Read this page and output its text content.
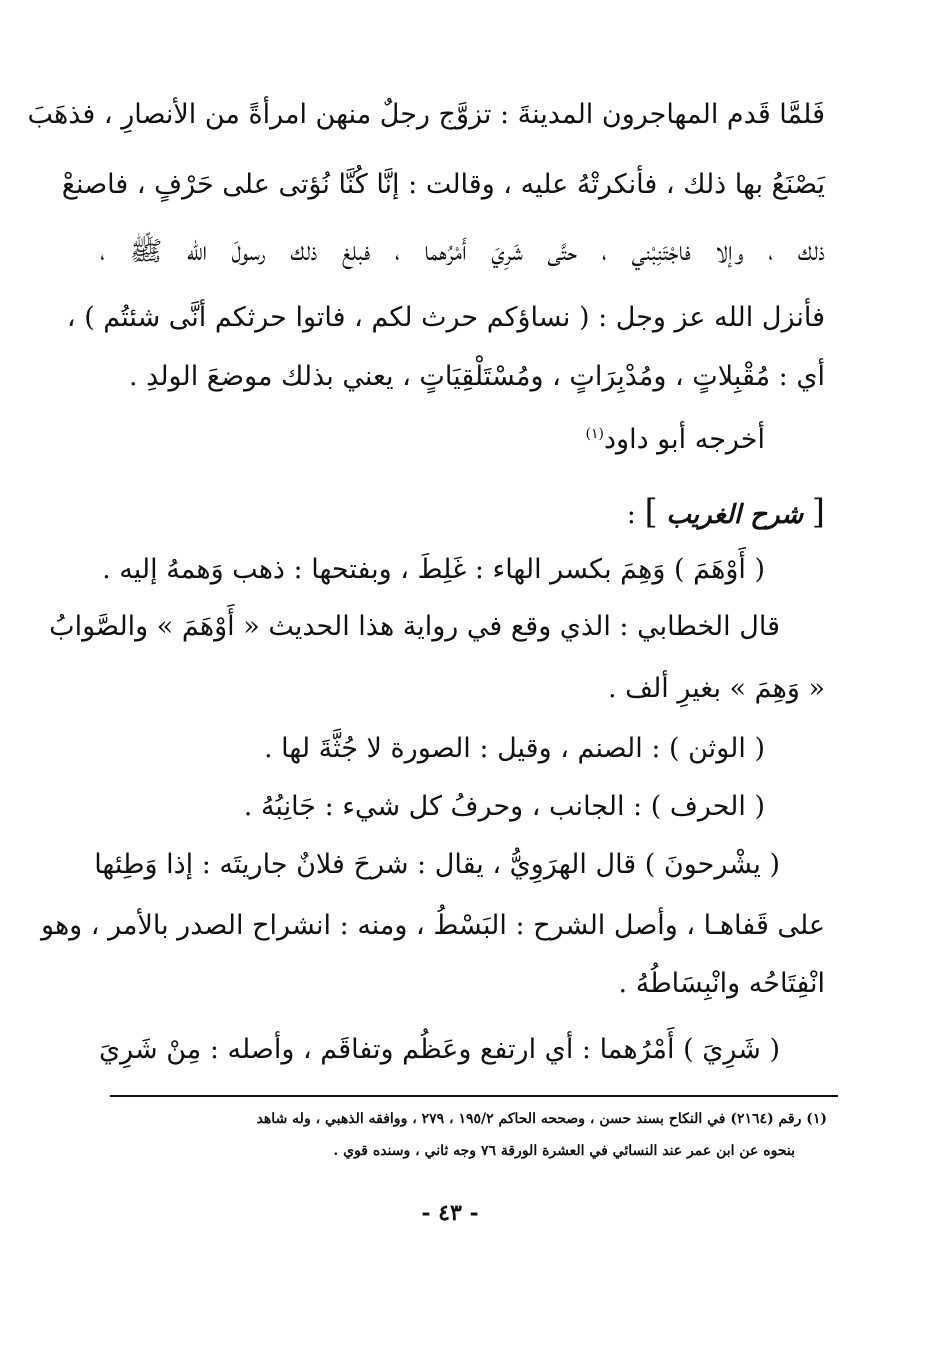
فَلمَّا قَدم المهاجرون المدينةَ : تزوَّج رجلٌ منهن امرأةً من الأنصارِ ، فذهَبَ
يَصْنَعُ بها ذلك ، فأنكرتْهُ عليه ، وقالت : إنَّا كُنَّا نُؤتى على حَرْفٍ ، فاصنعْ
ذلك ، وإلا فاجْتَنِبْني ، حتَّى شَرِيَ أَمْرُهما ، فبلغ ذلك رسولَ الله ﷺ ،
فأنزل الله عز وجل : ( نساؤكم حرث لكم ، فاتوا حرثكم أنَّى شئتُم ) ،
أي : مُقْبِلاتٍ ، ومُدْبِرَاتٍ ، ومُسْتَلْقِيَاتٍ ، يعني بذلك موضعَ الولدِ .
أخرجه أبو داود$^{(١)}$
[ شرح الغريب ] :
( أَوْهَمَ ) وَهِمَ بكسر الهاء : غَلِطَ ، وبفتحها : ذهب وَهمهُ إليه .
قال الخطابي : الذي وقع في رواية هذا الحديث « أَوْهَمَ » والصَّوابُ
« وَهِمَ » بغيرِ ألف .
( الوثن ) : الصنم ، وقيل : الصورة لا جُثَّةَ لها .
( الحرف ) : الجانب ، وحرفُ كل شيء : جَانِبُهُ .
( يشْرحونَ ) قال الهرَوِيُّ ، يقال : شرحَ فلانٌ جاريتَه : إذا وَطِئها
على قَفاهـا ، وأصل الشرح : البَسْطُ ، ومنه : انشراح الصدر بالأمر ، وهو
انْفِتَاحُه وانْبِسَاطُهُ .
( شَرِيَ ) أَمْرُهما : أي ارتفع وعَظُم وتفاقَم ، وأصله : مِنْ شَرِيَ
(١) رقم (٢١٦٤) في النكاح بسند حسن ، وصححه الحاكم ١٩٥/٢ ، ٢٧٩ ، ووافقه الذهبي ، وله شاهد
بنحوه عن ابن عمر عند النسائي في العشرة الورقة ٧٦ وجه ثاني ، وسنده قوي .
- ٤٣ -
